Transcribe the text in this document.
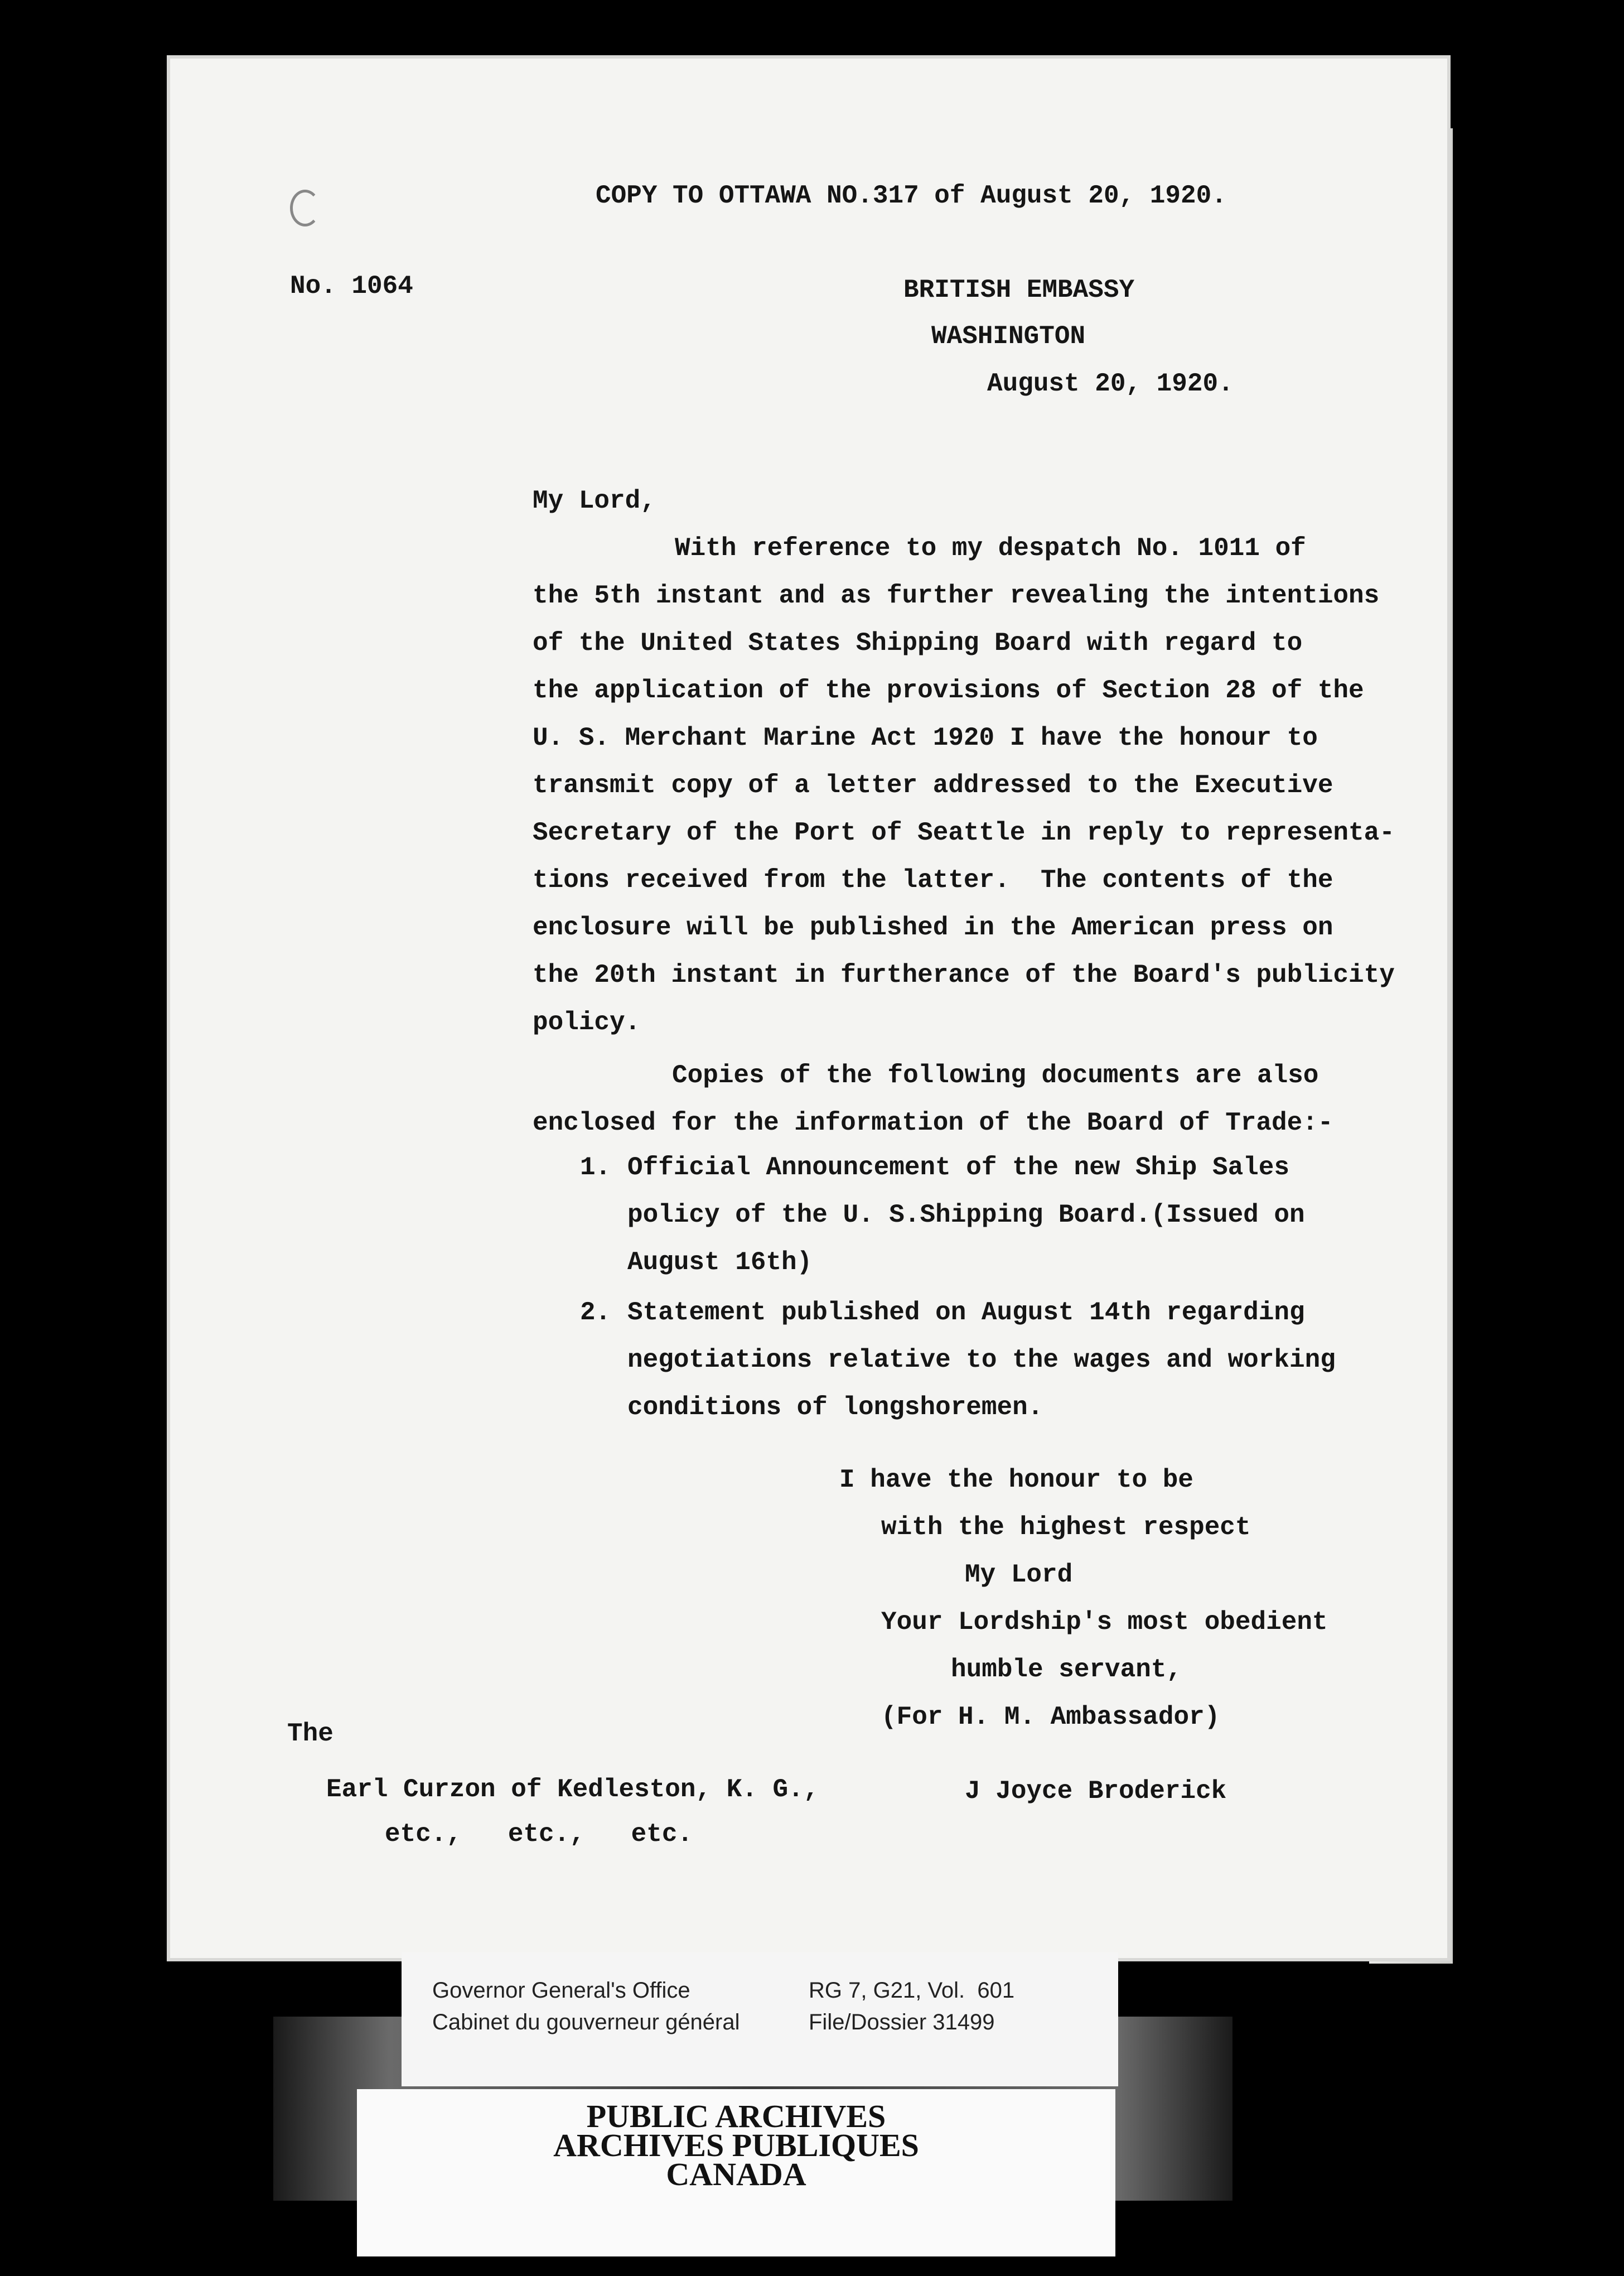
COPY TO OTTAWA NO.317 of August 20, 1920.
No. 1064	BRITISH EMBASSY
WASHINGTON
August 20, 1920.
My Lord,
With reference to my despatch No. 1011 of
the 5th instant and as further revealing the intentions
of the United States Shipping Board with regard to
the application of the provisions of Section 28 of the
U. S. Merchant Marine Act 1920 I have the honour to
transmit copy of a letter addressed to the Executive
Secretary of the Port of Seattle in reply to representa-
tions received from the latter.  The contents of the
enclosure will be published in the American press on
the 20th instant in furtherance of the Board's publicity
policy.
Copies of the following documents are also
enclosed for the information of the Board of Trade:-
1. Official Announcement of the new Ship Sales
policy of the U. S.Shipping Board.(Issued on
August 16th)
2. Statement published on August 14th regarding
negotiations relative to the wages and working
conditions of longshoremen.
I have the honour to be
with the highest respect
My Lord
Your Lordship's most obedient
humble servant,
(For H. M. Ambassador)
The
Earl Curzon of Kedleston, K. G.,
etc.,   etc.,   etc.
J Joyce Broderick
Governor General's Office
Cabinet du gouverneur général
RG 7, G21, Vol.  601
File/Dossier 31499
PUBLIC ARCHIVES
ARCHIVES PUBLIQUES
CANADA
